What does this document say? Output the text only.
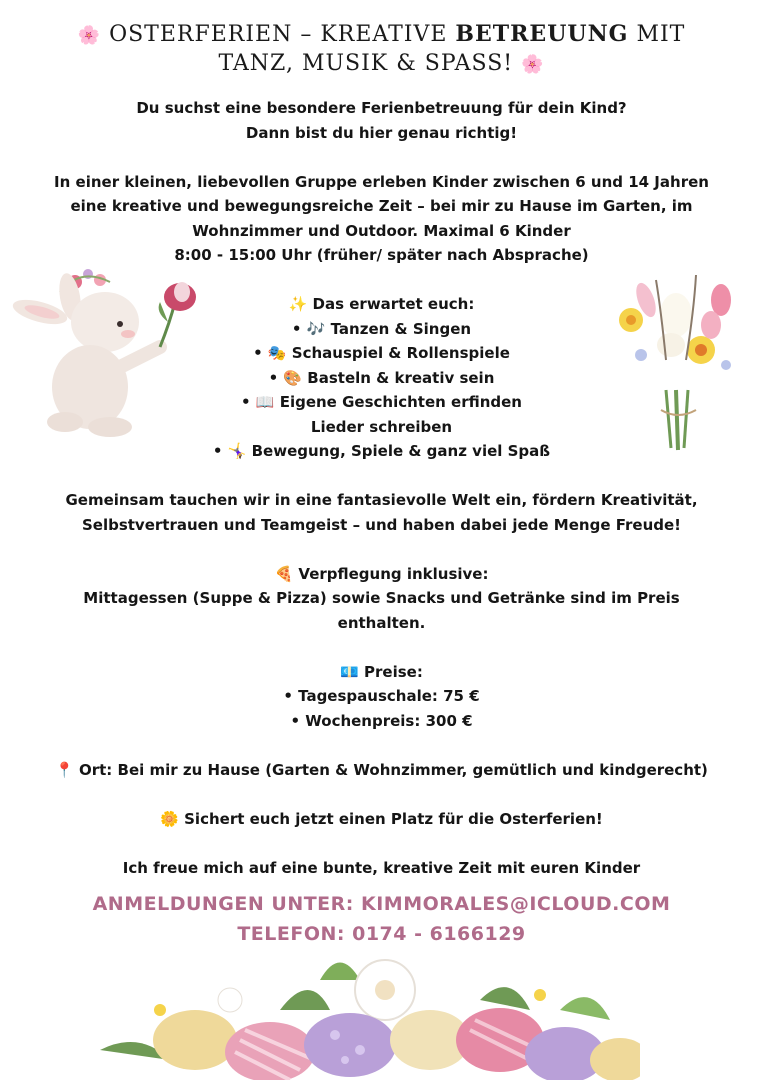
🌸 OSTERFERIEN – KREATIVE BETREUUNG MIT
TANZ, MUSIK & SPASS! 🌸

Du suchst eine besondere Ferienbetreuung für dein Kind?

Dann bist du hier genau richtig!

In einer kleinen, liebevollen Gruppe erleben Kinder zwischen 6 und 14 Jahren

eine kreative und bewegungsreiche Zeit – bei mir zu Hause im Garten, im

Wohnzimmer und Outdoor. Maximal 6 Kinder

8:00 - 15:00 Uhr (früher/ später nach Absprache)

✨ Das erwartet euch:

• 🎶 Tanzen & Singen

• 🎭 Schauspiel & Rollenspiele

• 🎨 Basteln & kreativ sein

• 📖 Eigene Geschichten erfinden

Lieder schreiben

• 🤸‍♀️ Bewegung, Spiele & ganz viel Spaß

Gemeinsam tauchen wir in eine fantasievolle Welt ein, fördern Kreativität,

Selbstvertrauen und Teamgeist – und haben dabei jede Menge Freude!

🍕 Verpflegung inklusive:

Mittagessen (Suppe & Pizza) sowie Snacks und Getränke sind im Preis

enthalten.

💶 Preise:

• Tagespauschale: 75 €

• Wochenpreis: 300 €

📍 Ort: Bei mir zu Hause (Garten & Wohnzimmer, gemütlich und kindgerecht)

🌼 Sichert euch jetzt einen Platz für die Osterferien!

Ich freue mich auf eine bunte, kreative Zeit mit euren Kinder

ANMELDUNGEN UNTER: KIMMORALES@ICLOUD.COM
TELEFON: 0174 - 6166129
